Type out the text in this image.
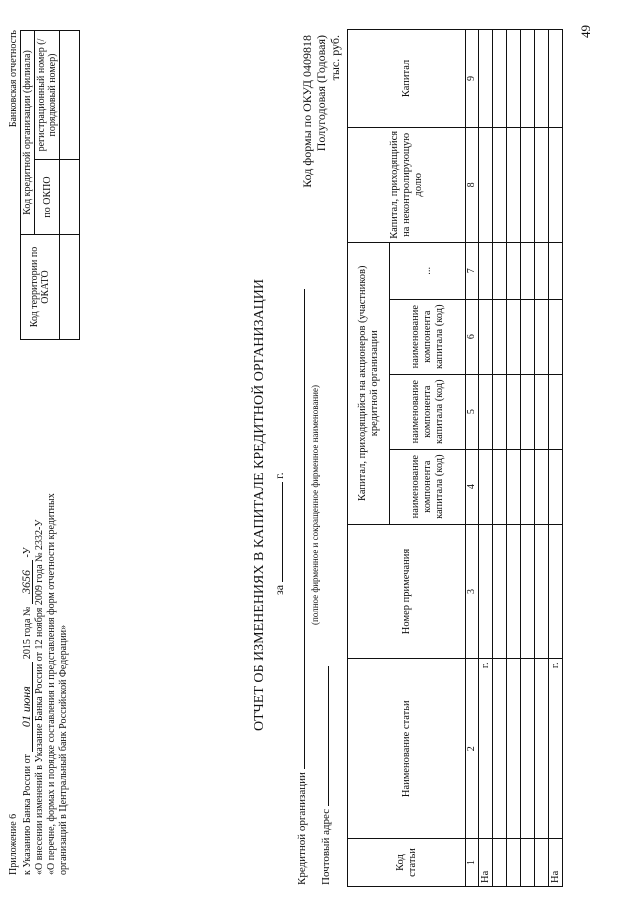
Приложение 6 к Указанию Банка России от 01 июня 2015 года № 3656 -У «О внесении изменений в Указание Банка России от 12 ноября 2009 года № 2332-У «О перечне, формах и порядке составления и представления форм отчетности кредитных организаций в Центральный банк Российской Федерации»
Банковская отчетность
Код территории по ОКАТО	Код кредитной организации (филиала)	
	по ОКПО	регистрационный номер (/порядковый номер)

ОТЧЕТ ОБ ИЗМЕНЕНИЯХ В КАПИТАЛЕ КРЕДИТНОЙ ОРГАНИЗАЦИИ за  г.
Кредитной организации
(полное фирменное и сокращенное фирменное наименование)
Почтовый адрес
Код формы по ОКУД 0409818 Полугодовая (Годовая) тыс. руб.
Код статьи	Наименование статьи	Номер примечания	Капитал, приходящийся на акционеров (участников) кредитной организации				Капитал, приходящийся на неконтролирующую долю	Капитал
			наименование компонента капитала (код)	наименование компонента капитала (код)	наименование компонента капитала (код)	...		
1	2	3	4	5	6	7	8	9
На	г.							

На	г.							
49
